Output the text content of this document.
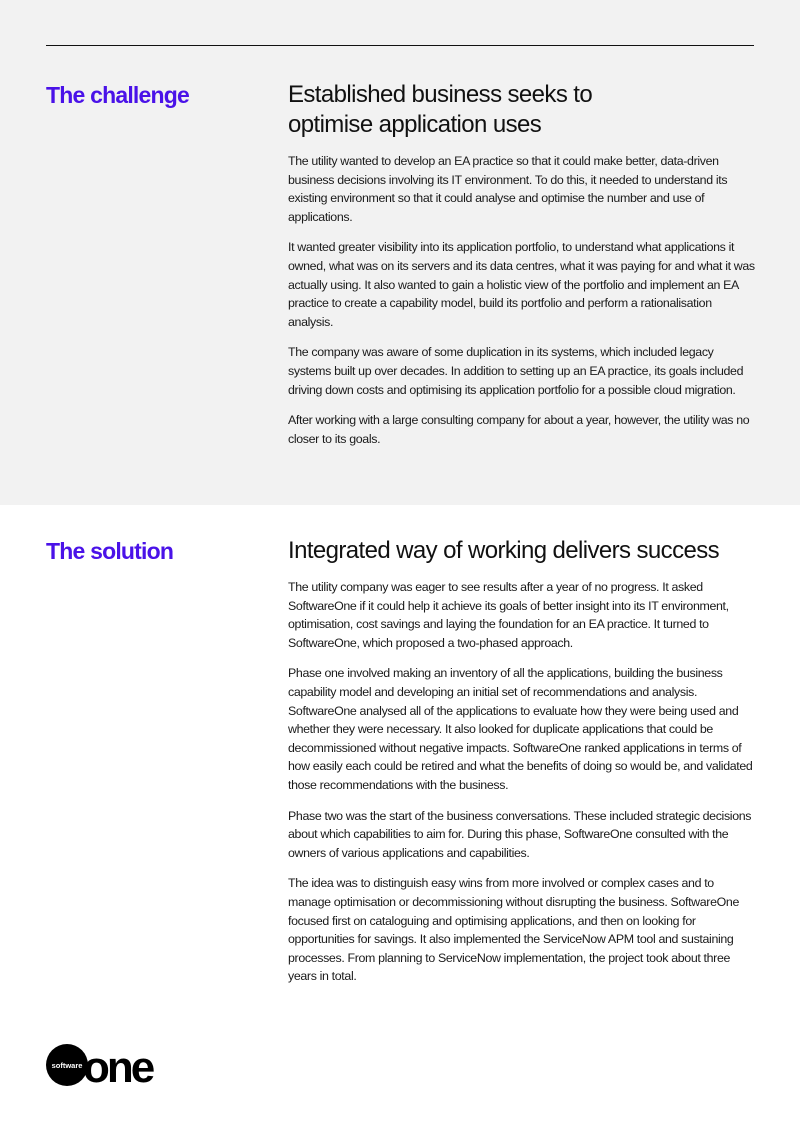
The challenge	Established business seeks to
optimise application uses

The utility wanted to develop an EA practice so that it could make better, data-driven business decisions involving its IT environment. To do this, it needed to understand its existing environment so that it could analyse and optimise the number and use of applications.

It wanted greater visibility into its application portfolio, to understand what applications it owned, what was on its servers and its data centres, what it was paying for and what it was actually using. It also wanted to gain a holistic view of the portfolio and implement an EA practice to create a capability model, build its portfolio and perform a rationalisation analysis.

The company was aware of some duplication in its systems, which included legacy systems built up over decades. In addition to setting up an EA practice, its goals included driving down costs and optimising its application portfolio for a possible cloud migration.

After working with a large consulting company for about a year, however, the utility was no closer to its goals.

The solution	Integrated way of working delivers success

The utility company was eager to see results after a year of no progress. It asked SoftwareOne if it could help it achieve its goals of better insight into its IT environment, optimisation, cost savings and laying the foundation for an EA practice. It turned to SoftwareOne, which proposed a two-phased approach.

Phase one involved making an inventory of all the applications, building the business capability model and developing an initial set of recommendations and analysis. SoftwareOne analysed all of the applications to evaluate how they were being used and whether they were necessary. It also looked for duplicate applications that could be decommissioned without negative impacts. SoftwareOne ranked applications in terms of how easily each could be retired and what the benefits of doing so would be, and validated those recommendations with the business.

Phase two was the start of the business conversations. These included strategic decisions about which capabilities to aim for. During this phase, SoftwareOne consulted with the owners of various applications and capabilities.

The idea was to distinguish easy wins from more involved or complex cases and to manage optimisation or decommissioning without disrupting the business. SoftwareOne focused first on cataloguing and optimising applications, and then on looking for opportunities for savings. It also implemented the ServiceNow APM tool and sustaining processes. From planning to ServiceNow implementation, the project took about three years in total.

software one
